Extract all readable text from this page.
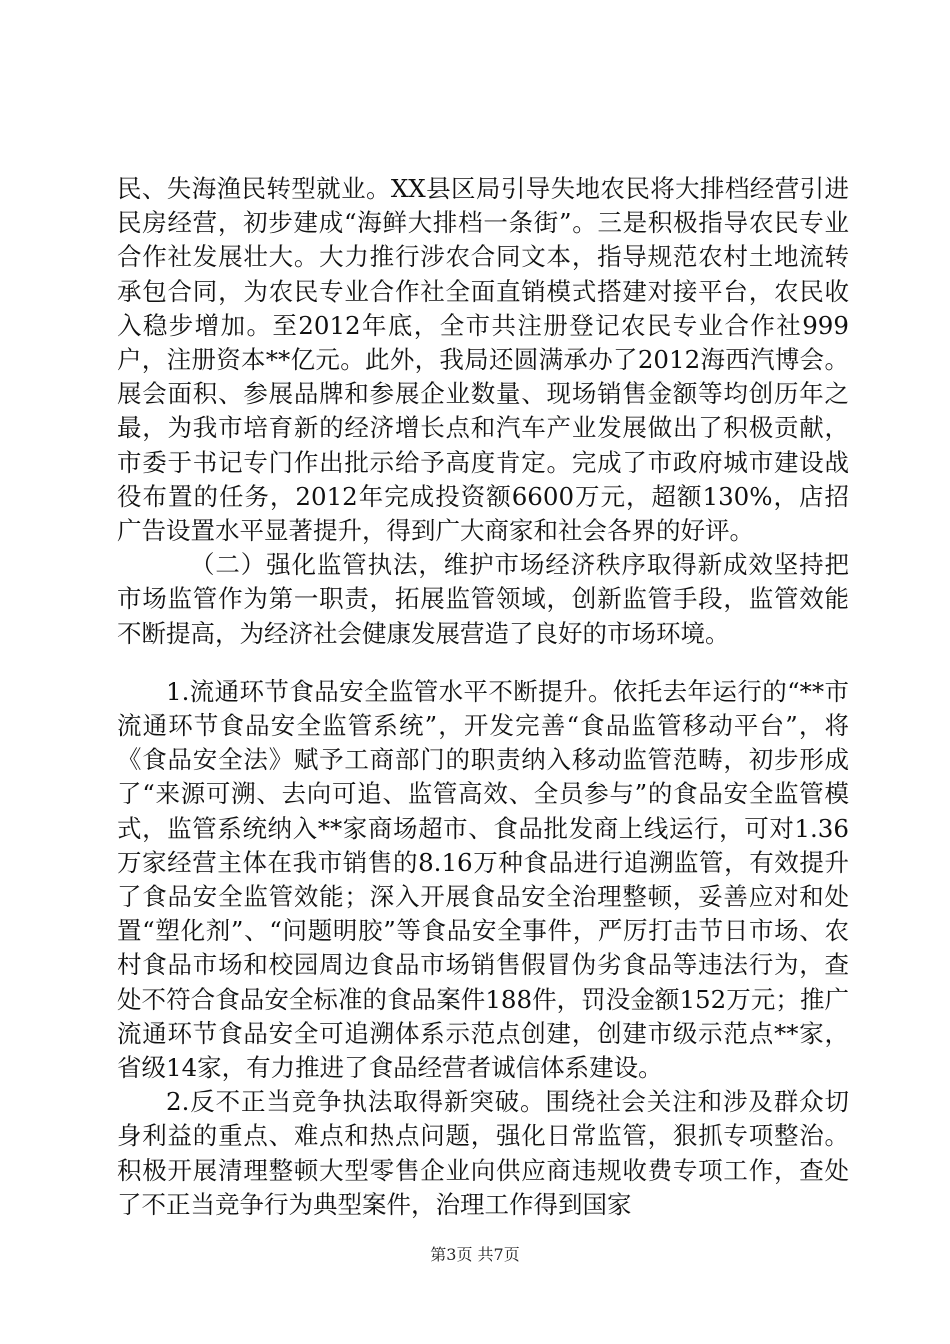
民、失海渔民转型就业。XX县区局引导失地农民将大排档经营引进民房经营，初步建成“海鲜大排档一条街”。三是积极指导农民专业合作社发展壮大。大力推行涉农合同文本，指导规范农村土地流转承包合同，为农民专业合作社全面直销模式搭建对接平台，农民收入稳步增加。至2012年底，全市共注册登记农民专业合作社999户，注册资本**亿元。此外，我局还圆满承办了2012海西汽博会。展会面积、参展品牌和参展企业数量、现场销售金额等均创历年之最，为我市培育新的经济增长点和汽车产业发展做出了积极贡献，市委于书记专门作出批示给予高度肯定。完成了市政府城市建设战役布置的任务，2012年完成投资额6600万元，超额130%，店招广告设置水平显著提升，得到广大商家和社会各界的好评。

（二）强化监管执法，维护市场经济秩序取得新成效坚持把市场监管作为第一职责，拓展监管领域，创新监管手段，监管效能不断提高，为经济社会健康发展营造了良好的市场环境。

1.流通环节食品安全监管水平不断提升。依托去年运行的“**市流通环节食品安全监管系统”，开发完善“食品监管移动平台”，将《食品安全法》赋予工商部门的职责纳入移动监管范畴，初步形成了“来源可溯、去向可追、监管高效、全员参与”的食品安全监管模式，监管系统纳入**家商场超市、食品批发商上线运行，可对1.36万家经营主体在我市销售的8.16万种食品进行追溯监管，有效提升了食品安全监管效能；深入开展食品安全治理整顿，妥善应对和处置“塑化剂”、“问题明胶”等食品安全事件，严厉打击节日市场、农村食品市场和校园周边食品市场销售假冒伪劣食品等违法行为，查处不符合食品安全标准的食品案件188件，罚没金额152万元；推广流通环节食品安全可追溯体系示范点创建，创建市级示范点**家，省级14家，有力推进了食品经营者诚信体系建设。

2.反不正当竞争执法取得新突破。围绕社会关注和涉及群众切身利益的重点、难点和热点问题，强化日常监管，狠抓专项整治。积极开展清理整顿大型零售企业向供应商违规收费专项工作，查处了不正当竞争行为典型案件，治理工作得到国家

第3页 共7页
